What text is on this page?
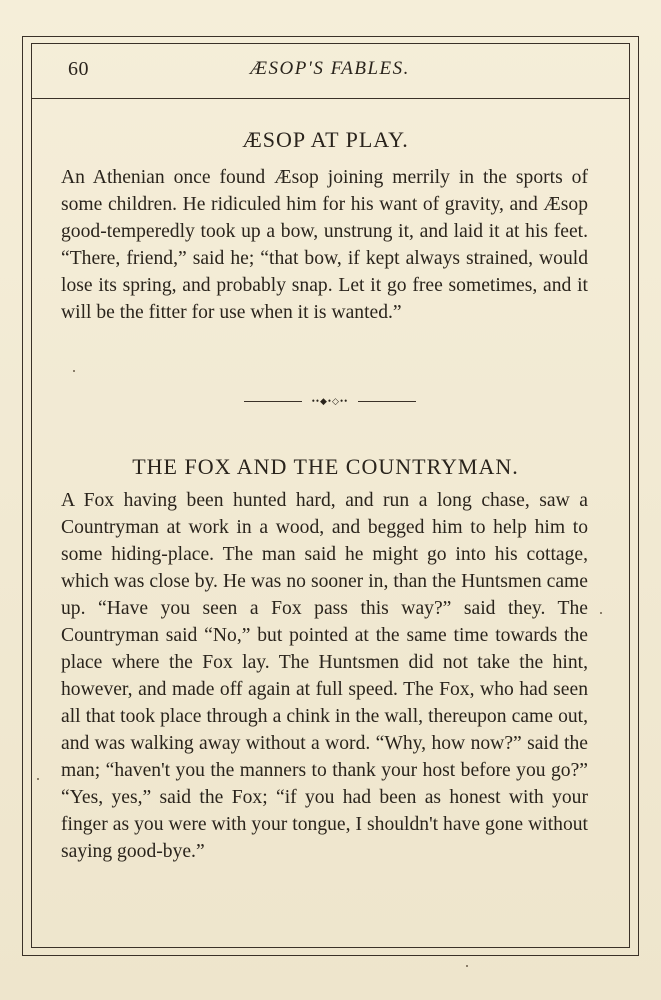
60	ÆSOP'S FABLES.
ÆSOP AT PLAY.

An Athenian once found Æsop joining merrily in the sports of some children. He ridiculed him for his want of gravity, and Æsop good-temperedly took up a bow, unstrung it, and laid it at his feet. “There, friend,” said he; “that bow, if kept always strained, would lose its spring, and probably snap. Let it go free sometimes, and it will be the fitter for use when it is wanted.”

••◆•◇••
THE FOX AND THE COUNTRYMAN.

A Fox having been hunted hard, and run a long chase, saw a Countryman at work in a wood, and begged him to help him to some hiding-place. The man said he might go into his cottage, which was close by. He was no sooner in, than the Huntsmen came up. “Have you seen a Fox pass this way?” said they. The Countryman said “No,” but pointed at the same time towards the place where the Fox lay. The Huntsmen did not take the hint, however, and made off again at full speed. The Fox, who had seen all that took place through a chink in the wall, thereupon came out, and was walking away without a word. “Why, how now?” said the man; “haven't you the manners to thank your host before you go?” “Yes, yes,” said the Fox; “if you had been as honest with your finger as you were with your tongue, I shouldn't have gone without saying good-bye.”
